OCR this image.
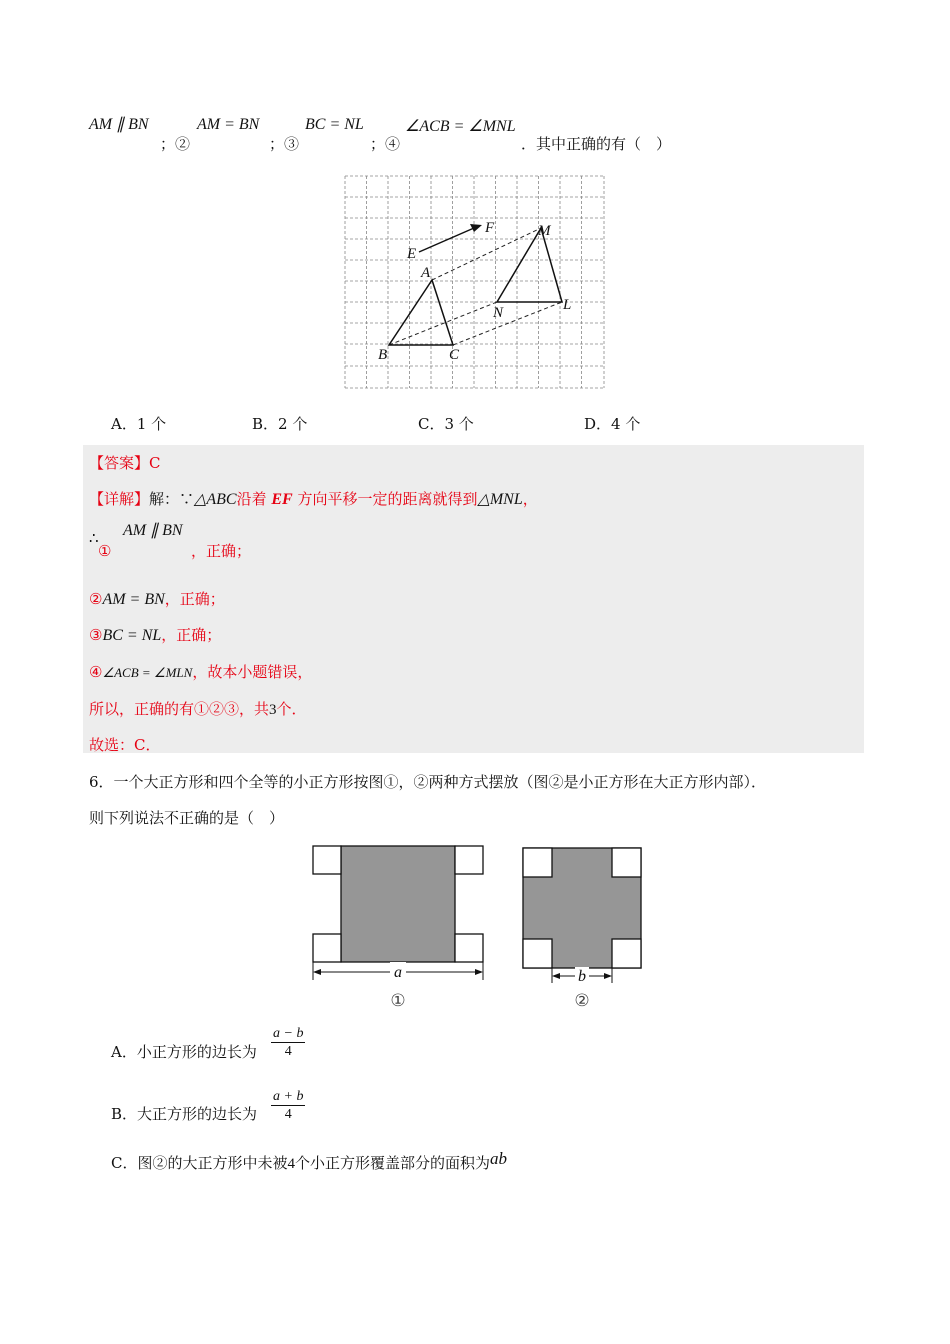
AM ∥ BN
；②
AM = BN
；③
BC = NL
；④
∠ACB = ∠MNL
．其中正确的有（　）
E
F
A
B	C
M
N	L
A．1 个	B．2 个	C．3 个	D．4 个
【答案】C
【详解】解：∵△ABC沿着 EF 方向平移一定的距离就得到△MNL，
∴ AM ∥ BN
①	，正确；
②AM = BN，正确；
③BC = NL，正确；
④∠ACB = ∠MLN，故本小题错误，
所以，正确的有①②③，共3个．
故选：C．
6．一个大正方形和四个全等的小正方形按图①，②两种方式摆放（图②是小正方形在大正方形内部）．
则下列说法不正确的是（　）
a
①
b
②
A．小正方形的边长为 $\frac{a - b}{4}$
B．大正方形的边长为 $\frac{a + b}{4}$
C．图②的大正方形中未被4个小正方形覆盖部分的面积为ab
